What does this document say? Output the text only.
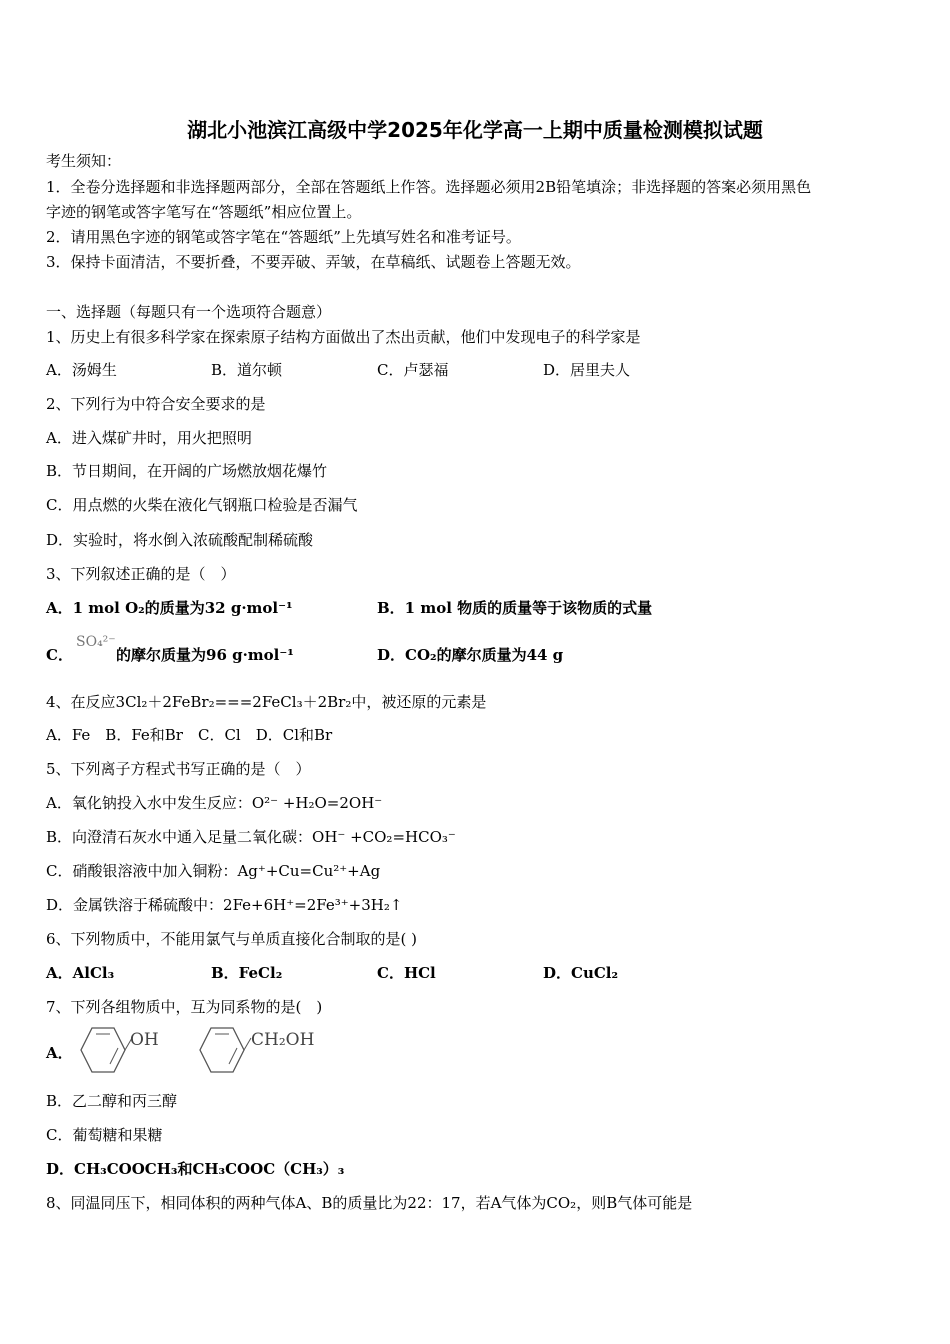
湖北小池滨江高级中学2025年化学高一上期中质量检测模拟试题
考生须知：
1．全卷分选择题和非选择题两部分，全部在答题纸上作答。选择题必须用2B铅笔填涂；非选择题的答案必须用黑色
字迹的钢笔或答字笔写在“答题纸”相应位置上。
2．请用黑色字迹的钢笔或答字笔在“答题纸”上先填写姓名和准考证号。
3．保持卡面清洁，不要折叠，不要弄破、弄皱，在草稿纸、试题卷上答题无效。
一、选择题（每题只有一个选项符合题意）
1、历史上有很多科学家在探索原子结构方面做出了杰出贡献，他们中发现电子的科学家是
A．汤姆生	B．道尔顿	C．卢瑟福	D．居里夫人
2、下列行为中符合安全要求的是
A．进入煤矿井时，用火把照明
B．节日期间，在开阔的广场燃放烟花爆竹
C．用点燃的火柴在液化气钢瓶口检验是否漏气
D．实验时，将水倒入浓硫酸配制稀硫酸
3、下列叙述正确的是（　）
A．1 mol O₂的质量为32 g·mol⁻¹	B．1 mol 物质的质量等于该物质的式量
C．
SO₄²⁻
的摩尔质量为96 g·mol⁻¹	D．CO₂的摩尔质量为44 g
4、在反应3Cl₂＋2FeBr₂===2FeCl₃＋2Br₂中，被还原的元素是
A．Fe　B．Fe和Br　C．Cl　D．Cl和Br
5、下列离子方程式书写正确的是（　）
A．氧化钠投入水中发生反应：O²⁻ +H₂O=2OH⁻
B．向澄清石灰水中通入足量二氧化碳：OH⁻ +CO₂=HCO₃⁻
C．硝酸银溶液中加入铜粉：Ag⁺+Cu=Cu²⁺+Ag
D．金属铁溶于稀硫酸中：2Fe+6H⁺=2Fe³⁺+3H₂↑
6、下列物质中，不能用氯气与单质直接化合制取的是( )
A．AlCl₃	B．FeCl₂	C．HCl	D．CuCl₂
7、下列各组物质中，互为同系物的是(　)
A．
OH	CH₂OH
B．乙二醇和丙三醇
C．葡萄糖和果糖
D．CH₃COOCH₃和CH₃COOC（CH₃）₃
8、同温同压下，相同体积的两种气体A、B的质量比为22：17，若A气体为CO₂，则B气体可能是
